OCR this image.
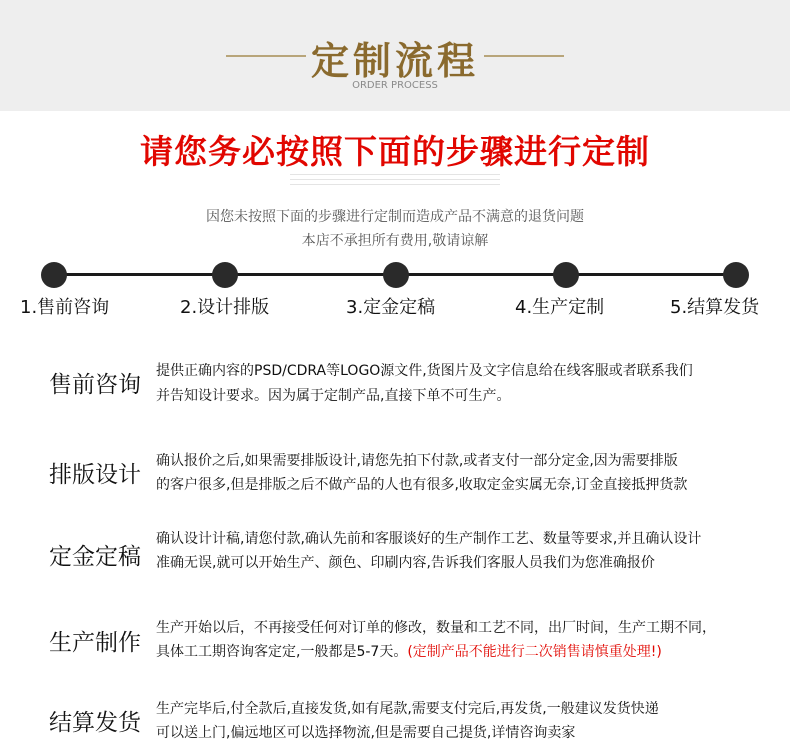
定制流程
ORDER PROCESS
请您务必按照下面的步骤进行定制
因您未按照下面的步骤进行定制而造成产品不满意的退货问题
本店不承担所有费用,敬请谅解
1.售前咨询	2.设计排版	3.定金定稿	4.生产定制	5.结算发货
售前咨询
提供正确内容的PSD/CDRA等LOGO源文件,货图片及文字信息给在线客服或者联系我们
并告知设计要求。因为属于定制产品,直接下单不可生产。
排版设计
确认报价之后,如果需要排版设计,请您先拍下付款,或者支付一部分定金,因为需要排版
的客户很多,但是排版之后不做产品的人也有很多,收取定金实属无奈,订金直接抵押货款
定金定稿
确认设计计稿,请您付款,确认先前和客服谈好的生产制作工艺、数量等要求,并且确认设计
准确无误,就可以开始生产、颜色、印刷内容,告诉我们客服人员我们为您准确报价
生产制作
生产开始以后，不再接受任何对订单的修改，数量和工艺不同，出厂时间，生产工期不同，
具体工工期咨询客定定,一般都是5-7天。(定制产品不能进行二次销售请慎重处理!)
结算发货
生产完毕后,付全款后,直接发货,如有尾款,需要支付完后,再发货,一般建议发货快递
可以送上门,偏远地区可以选择物流,但是需要自己提货,详情咨询卖家
